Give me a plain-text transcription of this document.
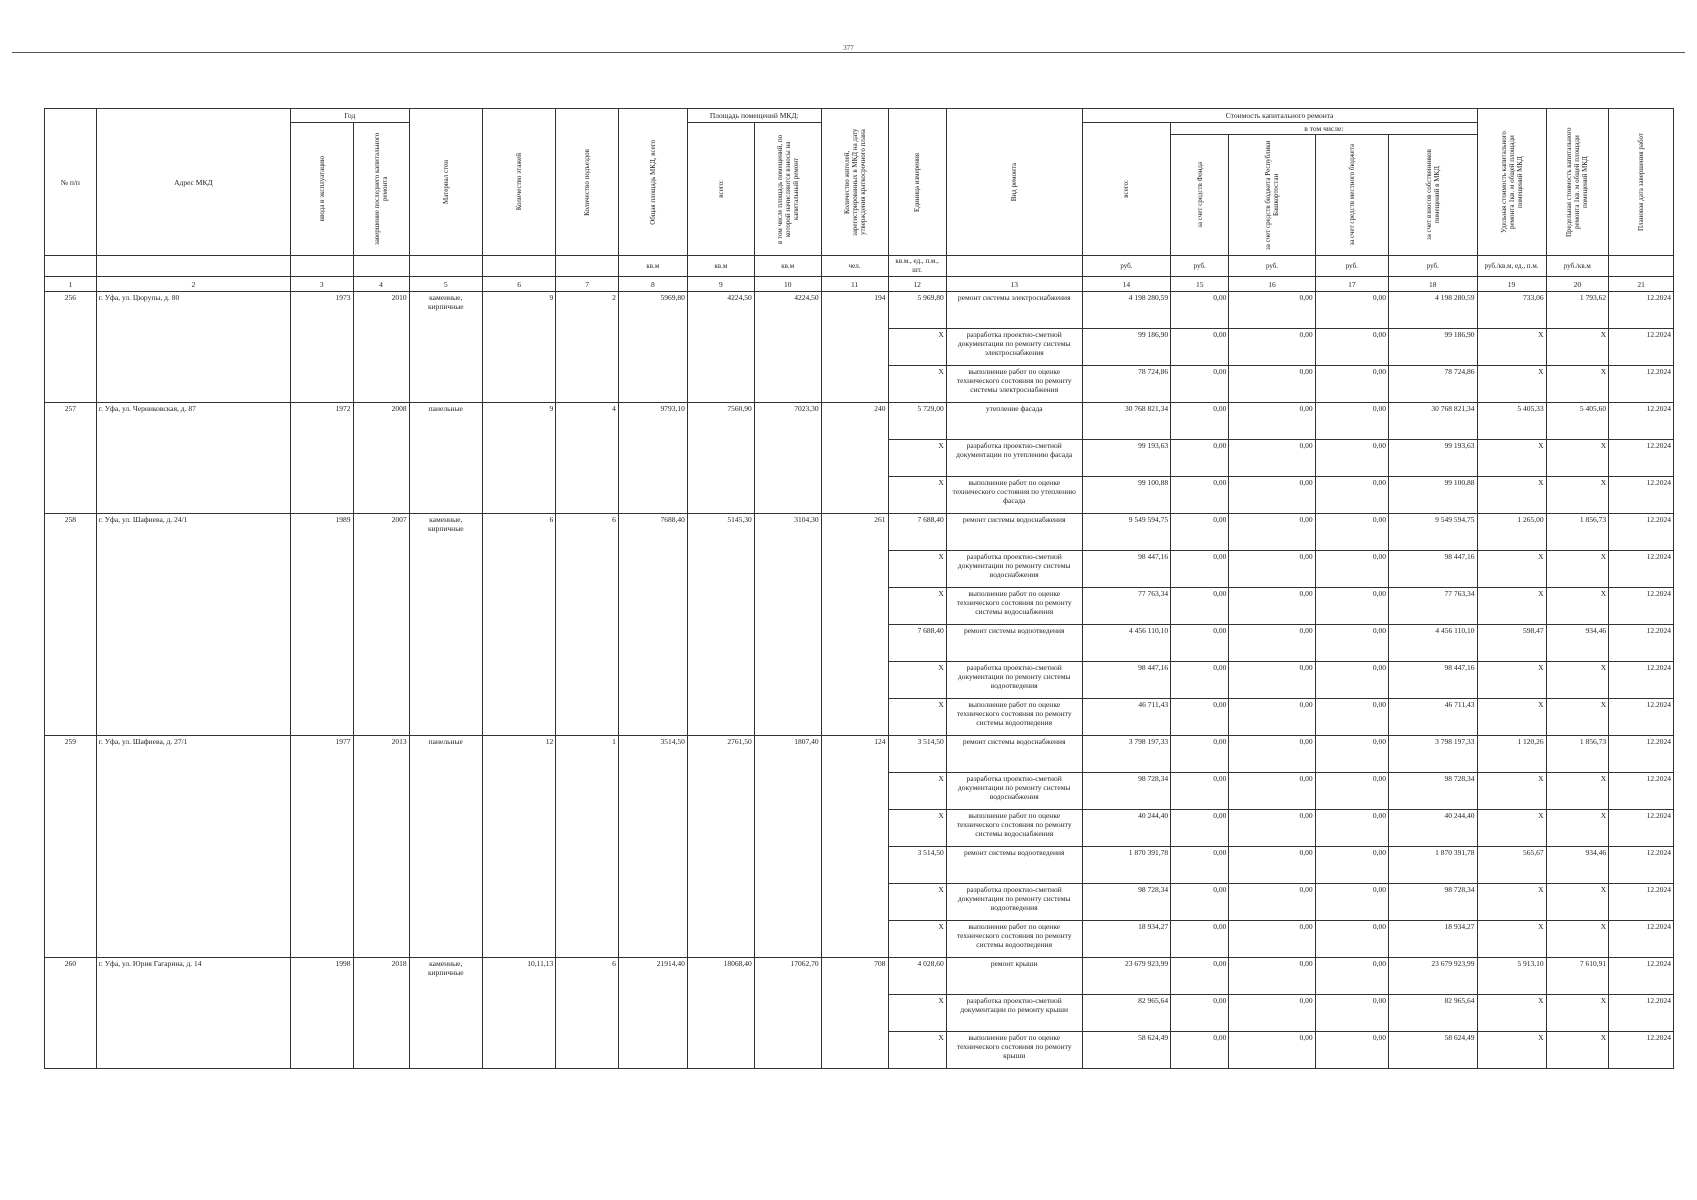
377
№ п/п	Адрес МКД	Год		Материал стен	Количество этажей	Количество подъездов	Общая площадь МКД, всего	Площадь помещений МКД:		Количество жителей, зарегистрированных в МКД на дату утверждения краткосрочного плана	Единица измерения	Вид ремонта	Стоимость капитального ремонта					Удельная стоимость капитального ремонта 1кв. м общей площади помещений МКД	Предельная стоимость капитального ремонта 1кв. м общей площади помещений МКД	Плановая дата завершения работ

		ввода в эксплуатацию	завершение последнего капитального ремонта					всего:	в том числе площадь помещений, по которой начисляются взносы на капитальный ремонт				всего:	в том числе:						

														за счет средств Фонда	за счет средств бюджета Республики Башкортостан	за счет средств местного бюджета	за счет взносов собственников помещений в МКД			

							кв.м	кв.м	кв.м	чел.	кв.м., ед., п.м., шт.		руб.	руб.	руб.	руб.	руб.	руб./кв.м, ед., п.м.	руб./кв.м	
1	2	3	4	5	6	7	8	9	10	11	12	13	14	15	16	17	18	19	20	21
256	г. Уфа, ул. Цюрупы, д. 80	1973	2010	каменные, кирпичные	9	2	5969,80	4224,50	4224,50	194	5 969,80	ремонт системы электроснабжения	4 198 280,59	0,00	0,00	0,00	4 198 280,59	733,06	1 793,62	12.2024
											X	разработка проектно-сметной документации по ремонту системы электроснабжения	99 186,90	0,00	0,00	0,00	99 186,90	X	X	12.2024
											X	выполнение работ по оценке технического состояния по ремонту системы электроснабжения	78 724,86	0,00	0,00	0,00	78 724,86	X	X	12.2024
257	г. Уфа, ул. Черниковская, д. 87	1972	2008	панельные	9	4	9793,10	7560,90	7023,30	240	5 729,00	утепление фасада	30 768 821,34	0,00	0,00	0,00	30 768 821,34	5 405,33	5 405,60	12.2024
											X	разработка проектно-сметной документации по утеплению фасада	99 193,63	0,00	0,00	0,00	99 193,63	X	X	12.2024
											X	выполнение работ по оценке технического состояния по утеплению фасада	99 100,88	0,00	0,00	0,00	99 100,88	X	X	12.2024
258	г. Уфа, ул. Шафиева, д. 24/1	1989	2007	каменные, кирпичные	6	6	7688,40	5145,30	3104,30	261	7 688,40	ремонт системы водоснабжения	9 549 594,75	0,00	0,00	0,00	9 549 594,75	1 265,00	1 856,73	12.2024
											X	разработка проектно-сметной документации по ремонту системы водоснабжения	98 447,16	0,00	0,00	0,00	98 447,16	X	X	12.2024
											X	выполнение работ по оценке технического состояния по ремонту системы водоснабжения	77 763,34	0,00	0,00	0,00	77 763,34	X	X	12.2024
											7 688,40	ремонт системы водоотведения	4 456 110,10	0,00	0,00	0,00	4 456 110,10	598,47	934,46	12.2024
											X	разработка проектно-сметной документации по ремонту системы водоотведения	98 447,16	0,00	0,00	0,00	98 447,16	X	X	12.2024
											X	выполнение работ по оценке технического состояния по ремонту системы водоотведения	46 711,43	0,00	0,00	0,00	46 711,43	X	X	12.2024
259	г. Уфа, ул. Шафиева, д. 27/1	1977	2013	панельные	12	1	3514,50	2761,50	1807,40	124	3 514,50	ремонт системы водоснабжения	3 798 197,33	0,00	0,00	0,00	3 798 197,33	1 120,26	1 856,73	12.2024
											X	разработка проектно-сметной документации по ремонту системы водоснабжения	98 728,34	0,00	0,00	0,00	98 728,34	X	X	12.2024
											X	выполнение работ по оценке технического состояния по ремонту системы водоснабжения	40 244,40	0,00	0,00	0,00	40 244,40	X	X	12.2024
											3 514,50	ремонт системы водоотведения	1 870 391,78	0,00	0,00	0,00	1 870 391,78	565,67	934,46	12.2024
											X	разработка проектно-сметной документации по ремонту системы водоотведения	98 728,34	0,00	0,00	0,00	98 728,34	X	X	12.2024
											X	выполнение работ по оценке технического состояния по ремонту системы водоотведения	18 934,27	0,00	0,00	0,00	18 934,27	X	X	12.2024
260	г. Уфа, ул. Юрия Гагарина, д. 14	1998	2018	каменные, кирпичные	10,11,13	6	21914,40	18068,40	17062,70	708	4 028,60	ремонт крыши	23 679 923,99	0,00	0,00	0,00	23 679 923,99	5 913,10	7 610,91	12.2024
											X	разработка проектно-сметной документации по ремонту крыши	82 965,64	0,00	0,00	0,00	82 965,64	X	X	12.2024
											X	выполнение работ по оценке технического состояния по ремонту крыши	58 624,49	0,00	0,00	0,00	58 624,49	X	X	12.2024
